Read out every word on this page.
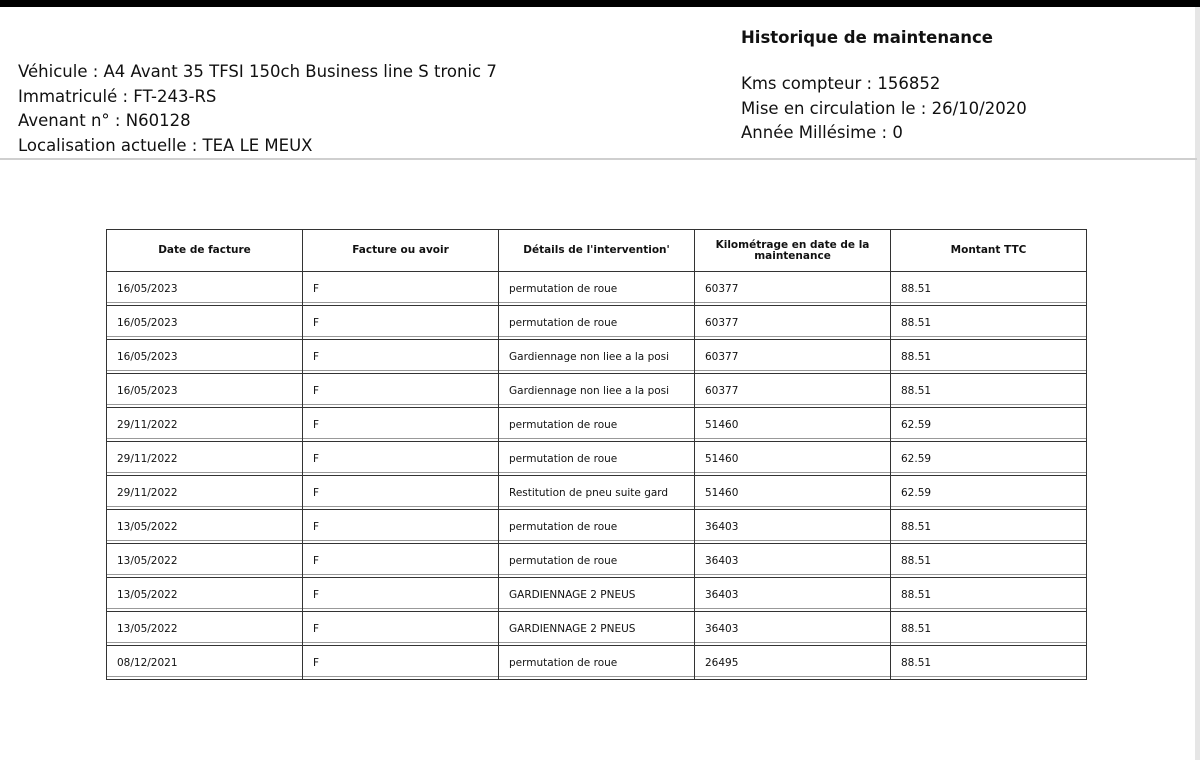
Véhicule : A4 Avant 35 TFSI 150ch Business line S tronic 7
Immatriculé : FT-243-RS
Avenant n° : N60128
Localisation actuelle : TEA LE MEUX
Historique de maintenance
Kms compteur : 156852
Mise en circulation le : 26/10/2020
Année Millésime : 0
Date de facture	Facture ou avoir	Détails de l'intervention'	Kilométrage en date de la maintenance	Montant TTC
16/05/2023	F	permutation de roue	60377	88.51
16/05/2023	F	permutation de roue	60377	88.51
16/05/2023	F	Gardiennage non liee a la posi	60377	88.51
16/05/2023	F	Gardiennage non liee a la posi	60377	88.51
29/11/2022	F	permutation de roue	51460	62.59
29/11/2022	F	permutation de roue	51460	62.59
29/11/2022	F	Restitution de pneu suite gard	51460	62.59
13/05/2022	F	permutation de roue	36403	88.51
13/05/2022	F	permutation de roue	36403	88.51
13/05/2022	F	GARDIENNAGE 2 PNEUS	36403	88.51
13/05/2022	F	GARDIENNAGE 2 PNEUS	36403	88.51
08/12/2021	F	permutation de roue	26495	88.51
